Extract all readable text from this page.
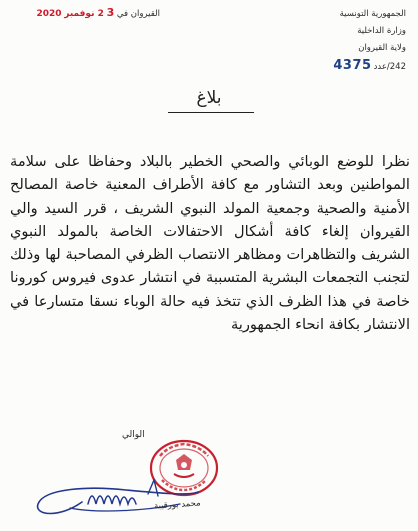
الجمهورية التونسية
وزارة الداخلية
ولاية القيروان
242/عدد
4375
القيروان في 3 2 نوفمبر 2020
بلاغ

نظرا للوضع الوبائي والصحي الخطير بالبلاد وحفاظا على سلامة المواطنين وبعد التشاور مع كافة الأطراف المعنية خاصة المصالح الأمنية والصحية وجمعية المولد النبوي الشريف ، قرر السيد والي القيروان إلغاء كافة أشكال الاحتفالات الخاصة بالمولد النبوي الشريف والتظاهرات ومظاهر الانتصاب الظرفي المصاحبة لها وذلك لتجنب التجمعات البشرية المتسببة في انتشار عدوى فيروس كورونا خاصة في هذا الظرف الذي تتخذ فيه حالة الوباء نسقا متسارعا في الانتشار بكافة انحاء الجمهورية

الوالي
محمد بورقيبة
